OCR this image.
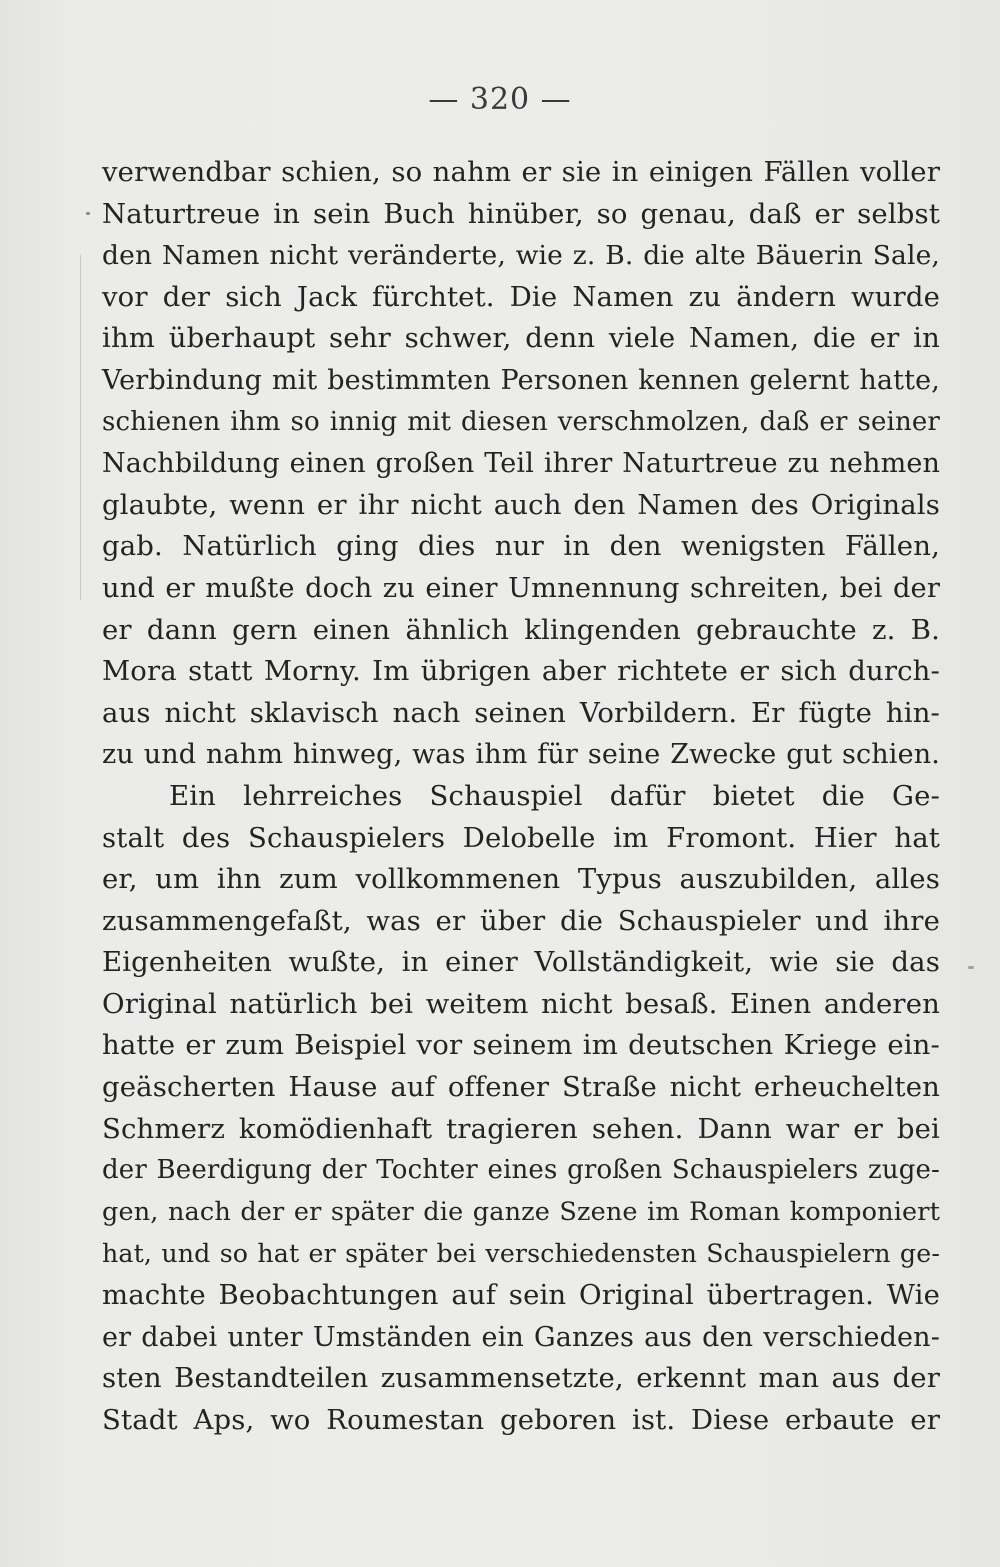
— 320 —
verwendbar schien, so nahm er sie in einigen Fällen voller
Naturtreue in sein Buch hinüber, so genau, daß er selbst
den Namen nicht veränderte, wie z. B. die alte Bäuerin Sale,
vor der sich Jack fürchtet. Die Namen zu ändern wurde
ihm überhaupt sehr schwer, denn viele Namen, die er in
Verbindung mit bestimmten Personen kennen gelernt hatte,
schienen ihm so innig mit diesen verschmolzen, daß er seiner
Nachbildung einen großen Teil ihrer Naturtreue zu nehmen
glaubte, wenn er ihr nicht auch den Namen des Originals
gab. Natürlich ging dies nur in den wenigsten Fällen,
und er mußte doch zu einer Umnennung schreiten, bei der
er dann gern einen ähnlich klingenden gebrauchte z. B.
Mora statt Morny. Im übrigen aber richtete er sich durch-
aus nicht sklavisch nach seinen Vorbildern. Er fügte hin-
zu und nahm hinweg, was ihm für seine Zwecke gut schien.
Ein lehrreiches Schauspiel dafür bietet die Ge-
stalt des Schauspielers Delobelle im Fromont. Hier hat
er, um ihn zum vollkommenen Typus auszubilden, alles
zusammengefaßt, was er über die Schauspieler und ihre
Eigenheiten wußte, in einer Vollständigkeit, wie sie das
Original natürlich bei weitem nicht besaß. Einen anderen
hatte er zum Beispiel vor seinem im deutschen Kriege ein-
geäscherten Hause auf offener Straße nicht erheuchelten
Schmerz komödienhaft tragieren sehen. Dann war er bei
der Beerdigung der Tochter eines großen Schauspielers zuge-
gen, nach der er später die ganze Szene im Roman komponiert
hat, und so hat er später bei verschiedensten Schauspielern ge-
machte Beobachtungen auf sein Original übertragen. Wie
er dabei unter Umständen ein Ganzes aus den verschieden-
sten Bestandteilen zusammensetzte, erkennt man aus der
Stadt Aps, wo Roumestan geboren ist. Diese erbaute er
